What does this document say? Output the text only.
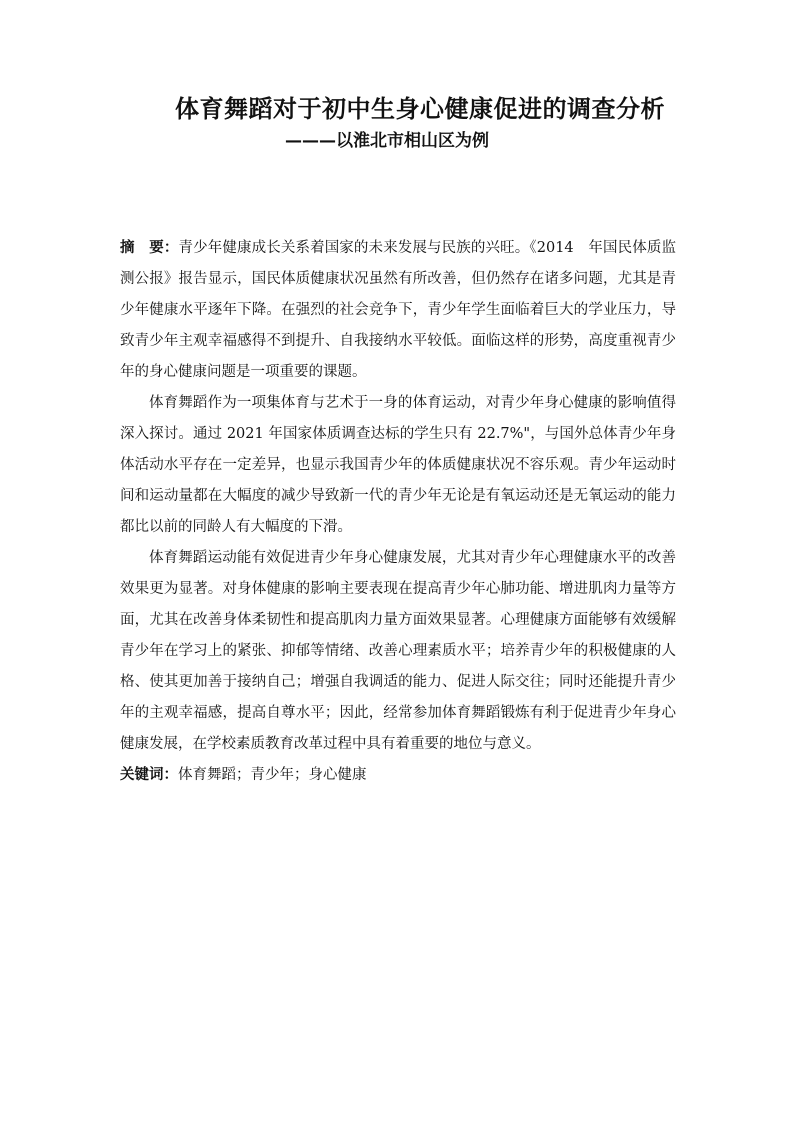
体育舞蹈对于初中生身心健康促进的调查分析
———以淮北市相山区为例

摘　要：青少年健康成长关系着国家的未来发展与民族的兴旺。《2014　年国民体质监测公报》报告显示，国民体质健康状况虽然有所改善，但仍然存在诸多问题，尤其是青少年健康水平逐年下降。在强烈的社会竞争下，青少年学生面临着巨大的学业压力，导致青少年主观幸福感得不到提升、自我接纳水平较低。面临这样的形势，高度重视青少年的身心健康问题是一项重要的课题。

体育舞蹈作为一项集体育与艺术于一身的体育运动，对青少年身心健康的影响值得深入探讨。通过 2021 年国家体质调查达标的学生只有 22.7%"，与国外总体青少年身体活动水平存在一定差异，也显示我国青少年的体质健康状况不容乐观。青少年运动时间和运动量都在大幅度的减少导致新一代的青少年无论是有氧运动还是无氧运动的能力都比以前的同龄人有大幅度的下滑。

体育舞蹈运动能有效促进青少年身心健康发展，尤其对青少年心理健康水平的改善效果更为显著。对身体健康的影响主要表现在提高青少年心肺功能、增进肌肉力量等方面，尤其在改善身体柔韧性和提高肌肉力量方面效果显著。心理健康方面能够有效缓解青少年在学习上的紧张、抑郁等情绪、改善心理素质水平；培养青少年的积极健康的人格、使其更加善于接纳自己；增强自我调适的能力、促进人际交往；同时还能提升青少年的主观幸福感，提高自尊水平；因此，经常参加体育舞蹈锻炼有利于促进青少年身心健康发展，在学校素质教育改革过程中具有着重要的地位与意义。

关键词：体育舞蹈；青少年；身心健康
